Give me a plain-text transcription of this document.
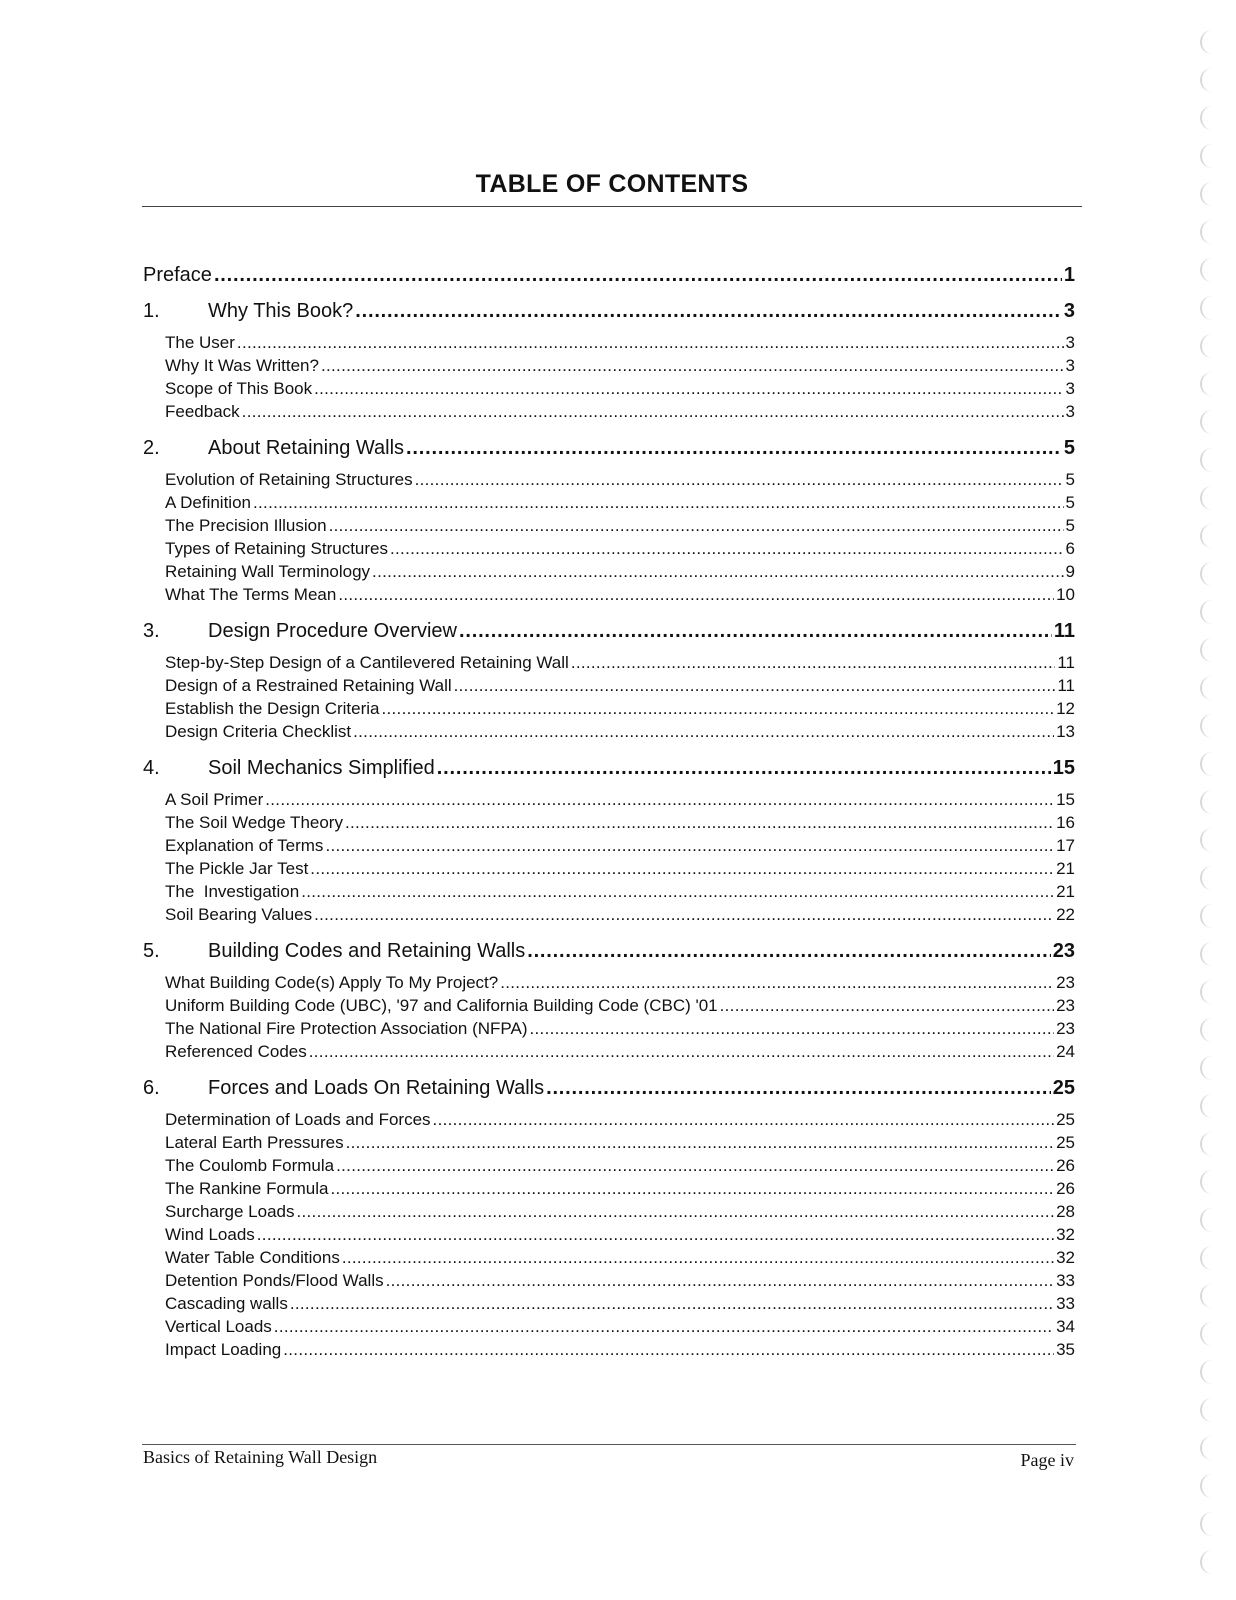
TABLE OF CONTENTS
Preface .....	1
1. Why This Book? .....	3
The User .....	3
Why It Was Written? .....	3
Scope of This Book .....	3
Feedback .....	3
2. About Retaining Walls .....	5
Evolution of Retaining Structures .....	5
A Definition .....	5
The Precision Illusion .....	5
Types of Retaining Structures .....	6
Retaining Wall Terminology .....	9
What The Terms Mean .....	10
3. Design Procedure Overview .....	11
Step-by-Step Design of a Cantilevered Retaining Wall .....	11
Design of a Restrained Retaining Wall .....	11
Establish the Design Criteria .....	12
Design Criteria Checklist .....	13
4. Soil Mechanics Simplified .....	15
A Soil Primer .....	15
The Soil Wedge Theory .....	16
Explanation of Terms .....	17
The Pickle Jar Test .....	21
The  Investigation .....	21
Soil Bearing Values .....	22
5. Building Codes and Retaining Walls .....	23
What Building Code(s) Apply To My Project? .....	23
Uniform Building Code (UBC), '97 and California Building Code (CBC) '01 .....	23
The National Fire Protection Association (NFPA) .....	23
Referenced Codes .....	24
6. Forces and Loads On Retaining Walls .....	25
Determination of Loads and Forces .....	25
Lateral Earth Pressures .....	25
The Coulomb Formula .....	26
The Rankine Formula .....	26
Surcharge Loads .....	28
Wind Loads .....	32
Water Table Conditions .....	32
Detention Ponds/Flood Walls .....	33
Cascading walls .....	33
Vertical Loads .....	34
Impact Loading .....	35
Basics of Retaining Wall Design	Page iv
